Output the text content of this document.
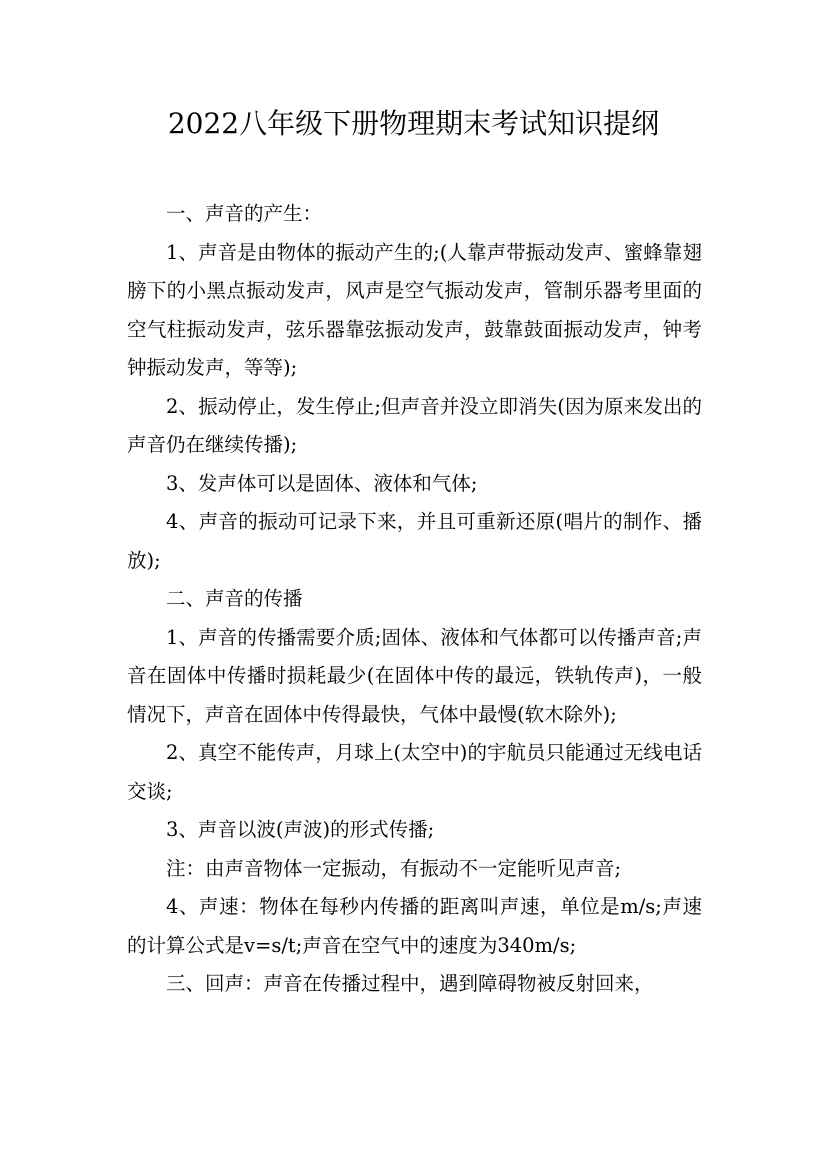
2022八年级下册物理期末考试知识提纲

一、声音的产生：

1、声音是由物体的振动产生的;(人靠声带振动发声、蜜蜂靠翅膀下的小黑点振动发声，风声是空气振动发声，管制乐器考里面的空气柱振动发声，弦乐器靠弦振动发声，鼓靠鼓面振动发声，钟考钟振动发声，等等);

2、振动停止，发生停止;但声音并没立即消失(因为原来发出的声音仍在继续传播);

3、发声体可以是固体、液体和气体;

4、声音的振动可记录下来，并且可重新还原(唱片的制作、播放);

二、声音的传播

1、声音的传播需要介质;固体、液体和气体都可以传播声音;声音在固体中传播时损耗最少(在固体中传的最远，铁轨传声)，一般情况下，声音在固体中传得最快，气体中最慢(软木除外);

2、真空不能传声，月球上(太空中)的宇航员只能通过无线电话交谈;

3、声音以波(声波)的形式传播;

注：由声音物体一定振动，有振动不一定能听见声音;

4、声速：物体在每秒内传播的距离叫声速，单位是m/s;声速的计算公式是v=s/t;声音在空气中的速度为340m/s;

三、回声：声音在传播过程中，遇到障碍物被反射回来，
